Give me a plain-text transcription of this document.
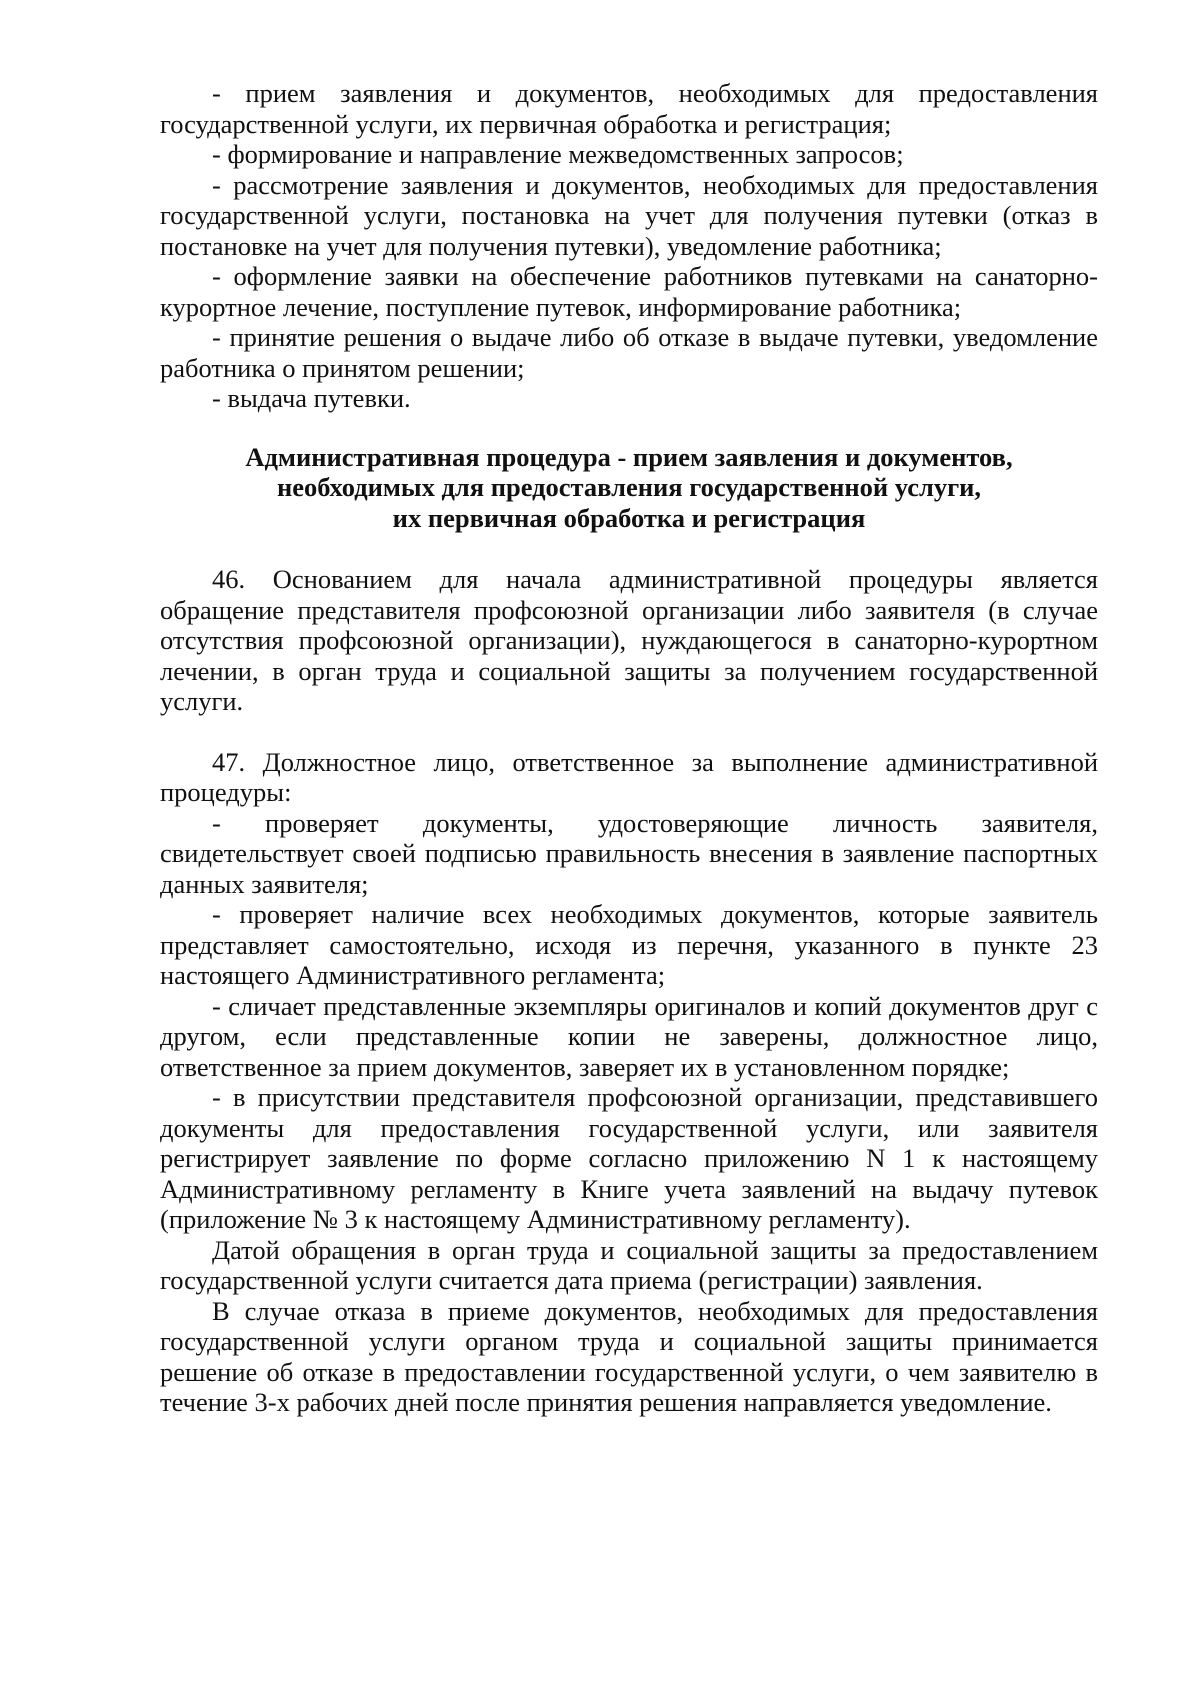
- прием заявления и документов, необходимых для предоставления государственной услуги, их первичная обработка и регистрация;

- формирование и направление межведомственных запросов;

- рассмотрение заявления и документов, необходимых для предоставления государственной услуги, постановка на учет для получения путевки (отказ в постановке на учет для получения путевки), уведомление работника;

- оформление заявки на обеспечение работников путевками на санаторно-курортное лечение, поступление путевок, информирование работника;

- принятие решения о выдаче либо об отказе в выдаче путевки, уведомление работника о принятом решении;

- выдача путевки.

Административная процедура - прием заявления и документов,
необходимых для предоставления государственной услуги,
их первичная обработка и регистрация

46. Основанием для начала административной процедуры является обращение представителя профсоюзной организации либо заявителя (в случае отсутствия профсоюзной организации), нуждающегося в санаторно-курортном лечении, в орган труда и социальной защиты за получением государственной услуги.

47. Должностное лицо, ответственное за выполнение административной процедуры:

- проверяет документы, удостоверяющие личность заявителя, свидетельствует своей подписью правильность внесения в заявление паспортных данных заявителя;

- проверяет наличие всех необходимых документов, которые заявитель представляет самостоятельно, исходя из перечня, указанного в пункте 23 настоящего Административного регламента;

- сличает представленные экземпляры оригиналов и копий документов друг с другом, если представленные копии не заверены, должностное лицо, ответственное за прием документов, заверяет их в установленном порядке;

- в присутствии представителя профсоюзной организации, представившего документы для предоставления государственной услуги, или заявителя регистрирует заявление по форме согласно приложению N 1 к настоящему Административному регламенту в Книге учета заявлений на выдачу путевок (приложение № 3 к настоящему Административному регламенту).

Датой обращения в орган труда и социальной защиты за предоставлением государственной услуги считается дата приема (регистрации) заявления.

В случае отказа в приеме документов, необходимых для предоставления государственной услуги органом труда и социальной защиты принимается решение об отказе в предоставлении государственной услуги, о чем заявителю в течение 3-х рабочих дней после принятия решения направляется уведомление.
